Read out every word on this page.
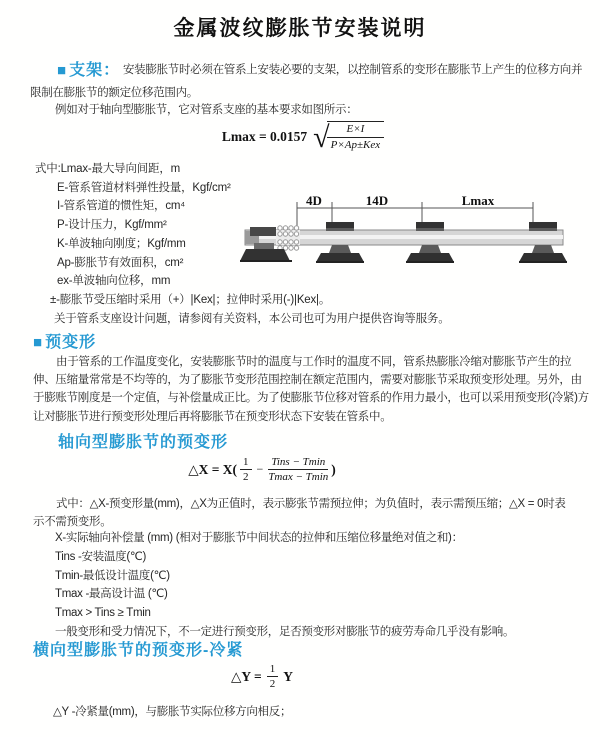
金属波纹膨胀节安装说明
■ 支架： 安装膨胀节时必须在管系上安装必要的支架，以控制管系的变形在膨胀节上产生的位移方向并
限制在膨胀节的额定位移范围内。
例如对于轴向型膨胀节，它对管系支座的基本要求如图所示：
Lmax = 0.0157 √
$\frac{E\times I}{\text{P×Ap±Kex}}$
式中:Lmax-最大导向间距，m
E-管系管道材料弹性投量，Kgf/cm²
I-管系管道的惯性矩，cm⁴
P-设计压力，Kgf/mm²
K-单波轴向刚度；Kgf/mm
Ap-膨胀节有效面积，cm²
ex-单波轴向位移，mm
±-膨胀节受压缩时采用（+）|Kex|；拉伸时采用(-)|Kex|。
关于管系支座设计问题，请参阅有关资料，本公司也可为用户提供咨询等服务。
4D	14D	Lmax
■ 预变形
由于管系的工作温度变化，安装膨胀节时的温度与工作时的温度不同，管系热膨胀冷缩对膨胀节产生的拉
伸、压缩量常常是不均等的，为了膨胀节变形范围控制在额定范围内，需要对膨胀节采取预变形处理。另外，由
于膨账节刚度是一个定值，与补偿量成正比。为了使膨胀节位移对管系的作用力最小，也可以采用预变形(冷紧)方
让对膨胀节进行预变形处理后再将膨胀节在预变形状态下安装在管系中。
轴向型膨胀节的预变形
△X = $X( \frac{1}{2}$ − Tins − Tmin
Tmax − Tmin
)
式中：△X-预变形量(mm)，△X为正值时，表示膨张节需预拉伸；为负值时，表示需预压缩；△X = 0时表
示不需预变形。
X-实际轴向补偿量 (mm) (相对于膨胀节中间状态的拉伸和压缩位移量绝对值之和)：
Tins -安装温度(℃)
Tmin-最低设计温度(℃)
Tmax -最高设计温 (℃)
Tmax > Tins ≥ Tmin
一般变形和受力情况下，不一定进行预变形，足否预变形对膨胀节的疲劳寿命几乎没有影响。
横向型膨胀节的预变形-冷紧
△Y = $\frac{1}{2}$ Y
△Y -冷紧量(mm)，与膨胀节实际位移方向相反；
